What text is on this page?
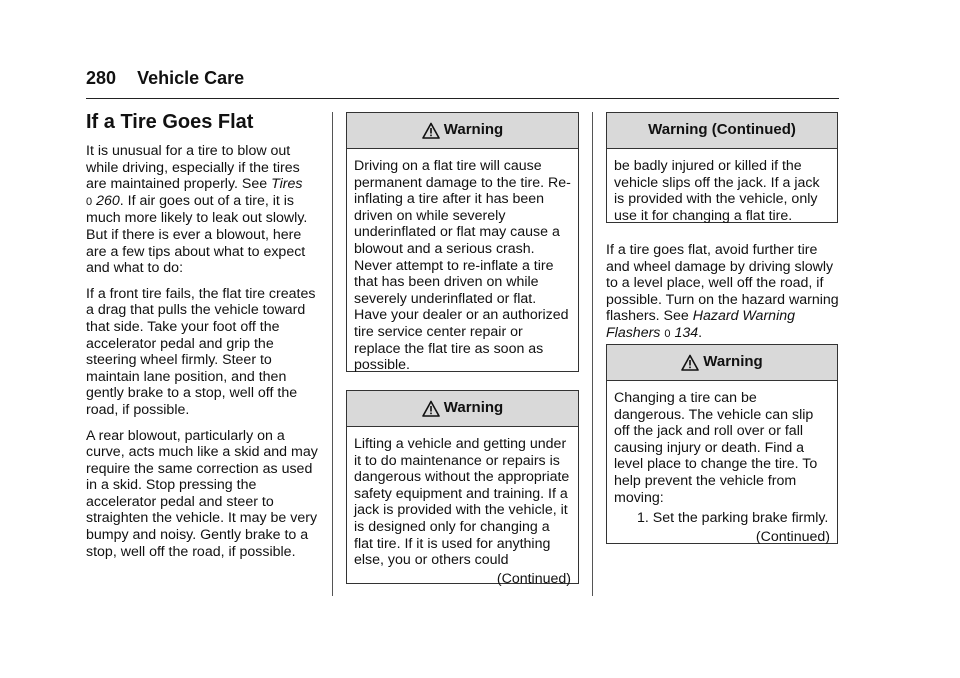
280 Vehicle Care
If a Tire Goes Flat

It is unusual for a tire to blow out while driving, especially if the tires are maintained properly. See Tires
0 260. If air goes out of a tire, it is much more likely to leak out slowly. But if there is ever a blowout, here are a few tips about what to expect and what to do:

If a front tire fails, the flat tire creates a drag that pulls the vehicle toward that side. Take your foot off the accelerator pedal and grip the steering wheel firmly. Steer to maintain lane position, and then gently brake to a stop, well off the road, if possible.

A rear blowout, particularly on a curve, acts much like a skid and may require the same correction as used in a skid. Stop pressing the accelerator pedal and steer to straighten the vehicle. It may be very bumpy and noisy. Gently brake to a stop, well off the road, if possible.

Warning
Driving on a flat tire will cause permanent damage to the tire. Re-inflating a tire after it has been driven on while severely underinflated or flat may cause a blowout and a serious crash. Never attempt to re-inflate a tire that has been driven on while severely underinflated or flat. Have your dealer or an authorized tire service center repair or replace the flat tire as soon as possible.
Warning
Lifting a vehicle and getting under it to do maintenance or repairs is dangerous without the appropriate safety equipment and training. If a jack is provided with the vehicle, it is designed only for changing a flat tire. If it is used for anything else, you or others could
(Continued)
Warning (Continued)
be badly injured or killed if the vehicle slips off the jack. If a jack is provided with the vehicle, only use it for changing a flat tire.
If a tire goes flat, avoid further tire and wheel damage by driving slowly to a level place, well off the road, if possible. Turn on the hazard warning flashers. See Hazard Warning Flashers 0 134.
Warning
Changing a tire can be dangerous. The vehicle can slip off the jack and roll over or fall causing injury or death. Find a level place to change the tire. To help prevent the vehicle from moving:
1. Set the parking brake firmly.
(Continued)
